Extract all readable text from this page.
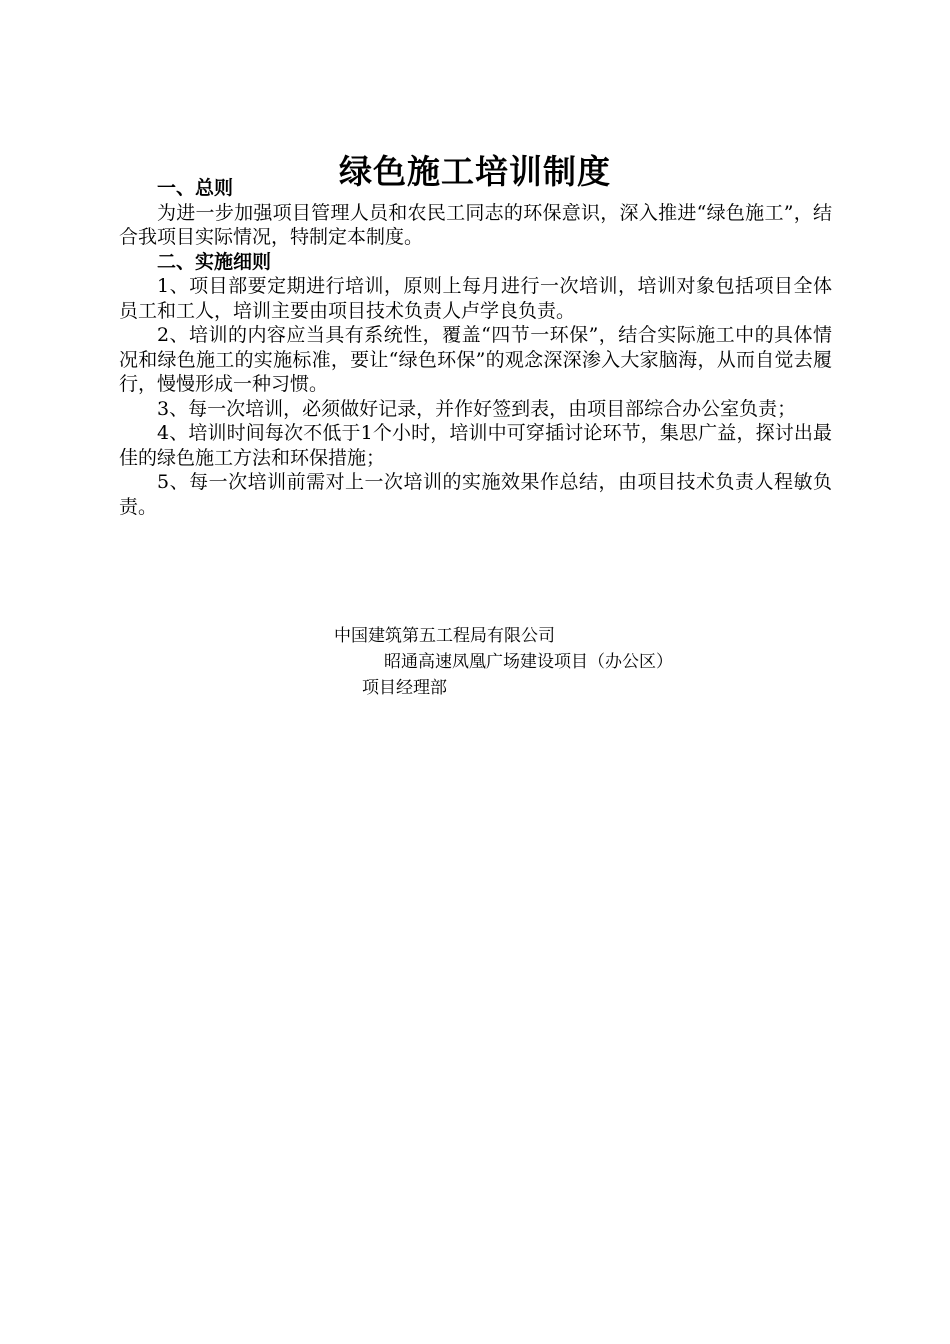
绿色施工培训制度

一、总则

为进一步加强项目管理人员和农民工同志的环保意识，深入推进“绿色施工”，结合我项目实际情况，特制定本制度。

二、实施细则

1、项目部要定期进行培训，原则上每月进行一次培训，培训对象包括项目全体员工和工人，培训主要由项目技术负责人卢学良负责。

2、培训的内容应当具有系统性，覆盖“四节一环保”，结合实际施工中的具体情况和绿色施工的实施标准，要让“绿色环保”的观念深深渗入大家脑海，从而自觉去履行，慢慢形成一种习惯。

3、每一次培训，必须做好记录，并作好签到表，由项目部综合办公室负责；

4、培训时间每次不低于1个小时，培训中可穿插讨论环节，集思广益，探讨出最佳的绿色施工方法和环保措施；

5、每一次培训前需对上一次培训的实施效果作总结，由项目技术负责人程敏负责。

中国建筑第五工程局有限公司
昭通高速凤凰广场建设项目（办公区）
项目经理部
